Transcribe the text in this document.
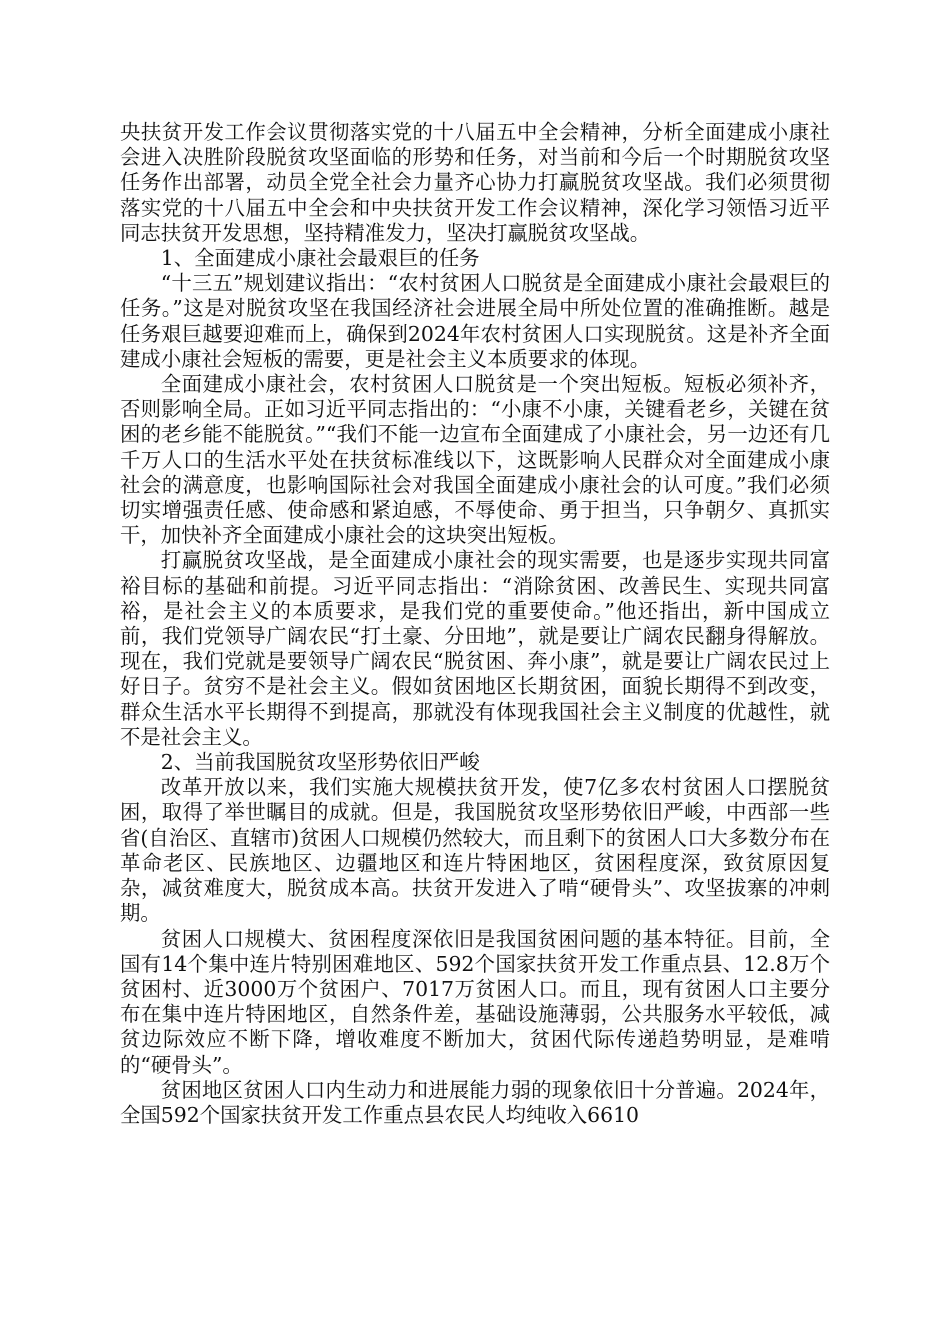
央扶贫开发工作会议贯彻落实党的十八届五中全会精神，分析全面建成小康社会进入决胜阶段脱贫攻坚面临的形势和任务，对当前和今后一个时期脱贫攻坚任务作出部署，动员全党全社会力量齐心协力打赢脱贫攻坚战。我们必须贯彻落实党的十八届五中全会和中央扶贫开发工作会议精神，深化学习领悟习近平同志扶贫开发思想，坚持精准发力，坚决打赢脱贫攻坚战。

1、全面建成小康社会最艰巨的任务

“十三五”规划建议指出：“农村贫困人口脱贫是全面建成小康社会最艰巨的任务。”这是对脱贫攻坚在我国经济社会进展全局中所处位置的准确推断。越是任务艰巨越要迎难而上，确保到2024年农村贫困人口实现脱贫。这是补齐全面建成小康社会短板的需要，更是社会主义本质要求的体现。

全面建成小康社会，农村贫困人口脱贫是一个突出短板。短板必须补齐，否则影响全局。正如习近平同志指出的：“小康不小康，关键看老乡，关键在贫困的老乡能不能脱贫。”“我们不能一边宣布全面建成了小康社会，另一边还有几千万人口的生活水平处在扶贫标准线以下，这既影响人民群众对全面建成小康社会的满意度，也影响国际社会对我国全面建成小康社会的认可度。”我们必须切实增强责任感、使命感和紧迫感，不辱使命、勇于担当，只争朝夕、真抓实干，加快补齐全面建成小康社会的这块突出短板。

打赢脱贫攻坚战，是全面建成小康社会的现实需要，也是逐步实现共同富裕目标的基础和前提。习近平同志指出：“消除贫困、改善民生、实现共同富裕，是社会主义的本质要求，是我们党的重要使命。”他还指出，新中国成立前，我们党领导广阔农民“打土豪、分田地”，就是要让广阔农民翻身得解放。现在，我们党就是要领导广阔农民“脱贫困、奔小康”，就是要让广阔农民过上好日子。贫穷不是社会主义。假如贫困地区长期贫困，面貌长期得不到改变，群众生活水平长期得不到提高，那就没有体现我国社会主义制度的优越性，就不是社会主义。

2、当前我国脱贫攻坚形势依旧严峻

改革开放以来，我们实施大规模扶贫开发，使7亿多农村贫困人口摆脱贫困，取得了举世瞩目的成就。但是，我国脱贫攻坚形势依旧严峻，中西部一些省(自治区、直辖市)贫困人口规模仍然较大，而且剩下的贫困人口大多数分布在革命老区、民族地区、边疆地区和连片特困地区，贫困程度深，致贫原因复杂，减贫难度大，脱贫成本高。扶贫开发进入了啃“硬骨头”、攻坚拔寨的冲刺期。

贫困人口规模大、贫困程度深依旧是我国贫困问题的基本特征。目前，全国有14个集中连片特别困难地区、592个国家扶贫开发工作重点县、12.8万个贫困村、近3000万个贫困户、7017万贫困人口。而且，现有贫困人口主要分布在集中连片特困地区，自然条件差，基础设施薄弱，公共服务水平较低，减贫边际效应不断下降，增收难度不断加大，贫困代际传递趋势明显，是难啃的“硬骨头”。

贫困地区贫困人口内生动力和进展能力弱的现象依旧十分普遍。2024年，全国592个国家扶贫开发工作重点县农民人均纯收入6610
